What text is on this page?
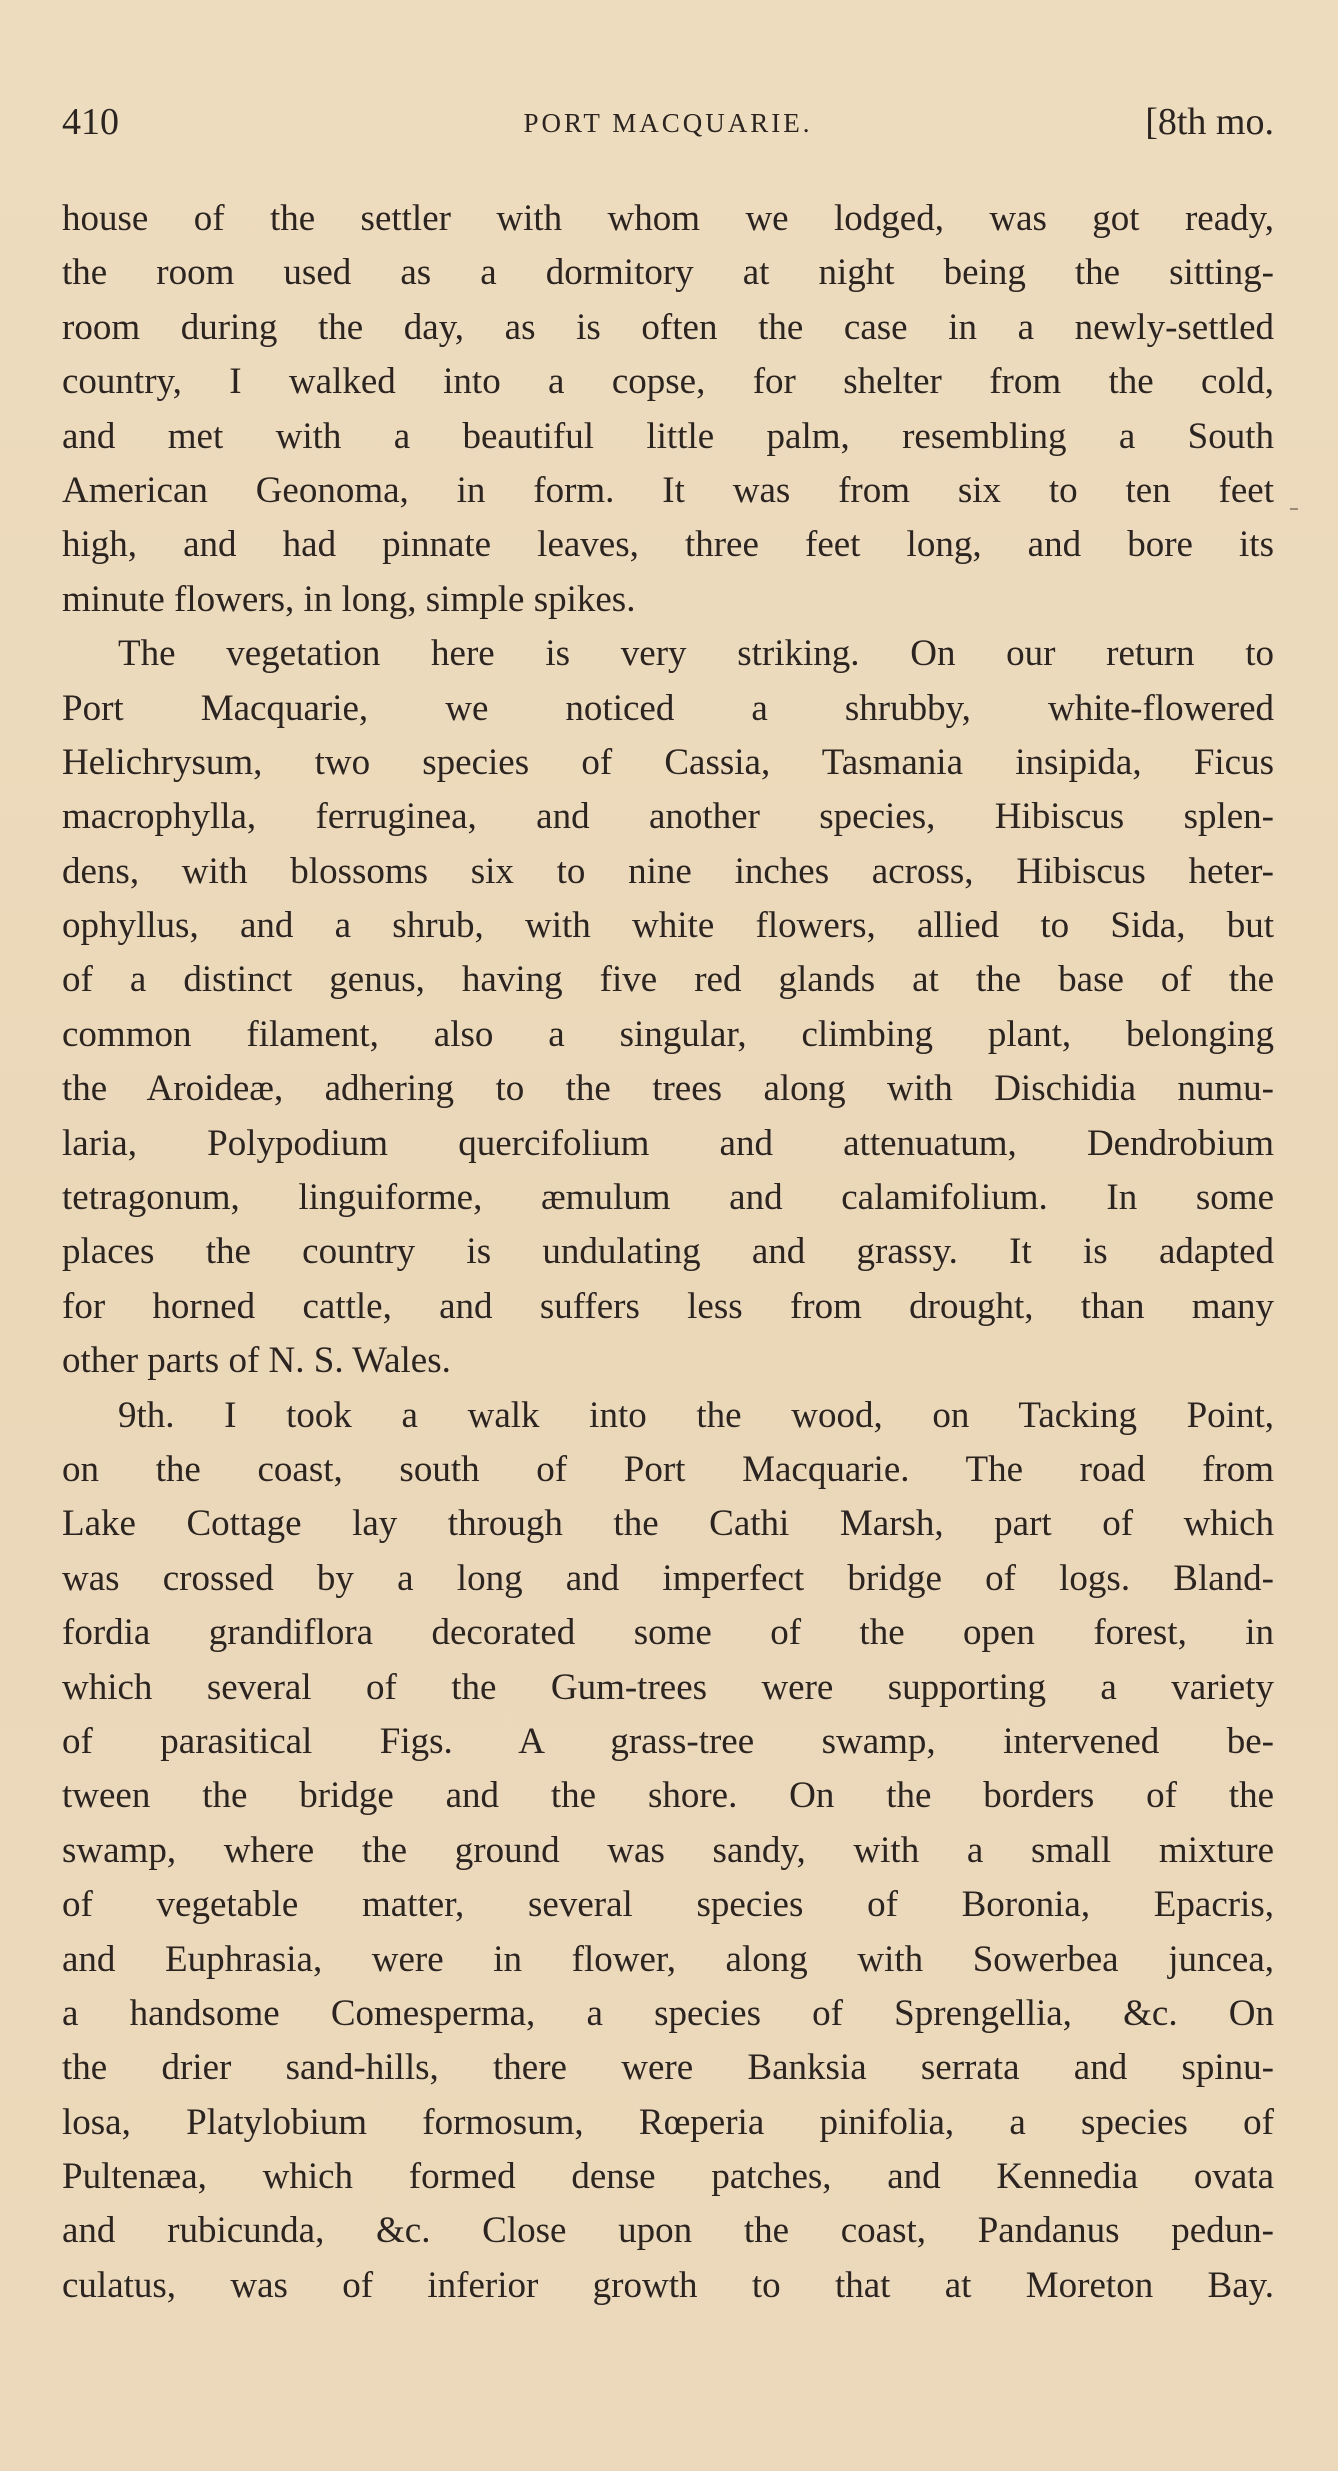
410	PORT MACQUARIE.	[8th mo.
house of the settler with whom we lodged, was got ready,
the room used as a dormitory at night being the sitting-
room during the day, as is often the case in a newly-settled
country, I walked into a copse, for shelter from the cold,
and met with a beautiful little palm, resembling a South
American Geonoma, in form. It was from six to ten feet
high, and had pinnate leaves, three feet long, and bore its
minute flowers, in long, simple spikes.
The vegetation here is very striking. On our return to
Port Macquarie, we noticed a shrubby, white-flowered
Helichrysum, two species of Cassia, Tasmania insipida, Ficus
macrophylla, ferruginea, and another species, Hibiscus splen-
dens, with blossoms six to nine inches across, Hibiscus heter-
ophyllus, and a shrub, with white flowers, allied to Sida, but
of a distinct genus, having five red glands at the base of the
common filament, also a singular, climbing plant, belonging
the Aroideæ, adhering to the trees along with Dischidia numu-
laria, Polypodium quercifolium and attenuatum, Dendrobium
tetragonum, linguiforme, æmulum and calamifolium. In some
places the country is undulating and grassy. It is adapted
for horned cattle, and suffers less from drought, than many
other parts of N. S. Wales.
9th. I took a walk into the wood, on Tacking Point,
on the coast, south of Port Macquarie. The road from
Lake Cottage lay through the Cathi Marsh, part of which
was crossed by a long and imperfect bridge of logs. Bland-
fordia grandiflora decorated some of the open forest, in
which several of the Gum-trees were supporting a variety
of parasitical Figs. A grass-tree swamp, intervened be-
tween the bridge and the shore. On the borders of the
swamp, where the ground was sandy, with a small mixture
of vegetable matter, several species of Boronia, Epacris,
and Euphrasia, were in flower, along with Sowerbea juncea,
a handsome Comesperma, a species of Sprengellia, &c. On
the drier sand-hills, there were Banksia serrata and spinu-
losa, Platylobium formosum, Rœperia pinifolia, a species of
Pultenæa, which formed dense patches, and Kennedia ovata
and rubicunda, &c. Close upon the coast, Pandanus pedun-
culatus, was of inferior growth to that at Moreton Bay.
